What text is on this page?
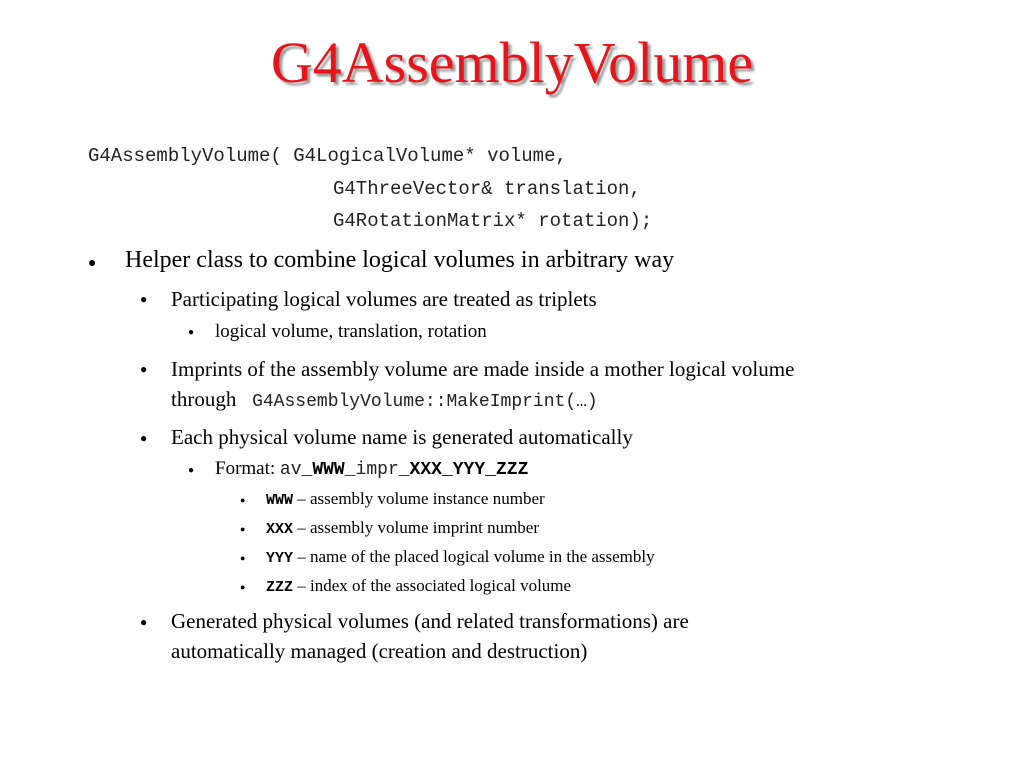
G4AssemblyVolume
G4AssemblyVolume( G4LogicalVolume* volume,
G4ThreeVector& translation,
G4RotationMatrix* rotation);
● Helper class to combine logical volumes in arbitrary way
● Participating logical volumes are treated as triplets
● logical volume, translation, rotation
● Imprints of the assembly volume are made inside a mother logical volume
through G4AssemblyVolume::MakeImprint(…)
● Each physical volume name is generated automatically
● Format: av_WWW_impr_XXX_YYY_ZZZ
● WWW – assembly volume instance number
● XXX – assembly volume imprint number
● YYY – name of the placed logical volume in the assembly
● ZZZ – index of the associated logical volume
● Generated physical volumes (and related transformations) are
automatically managed (creation and destruction)
